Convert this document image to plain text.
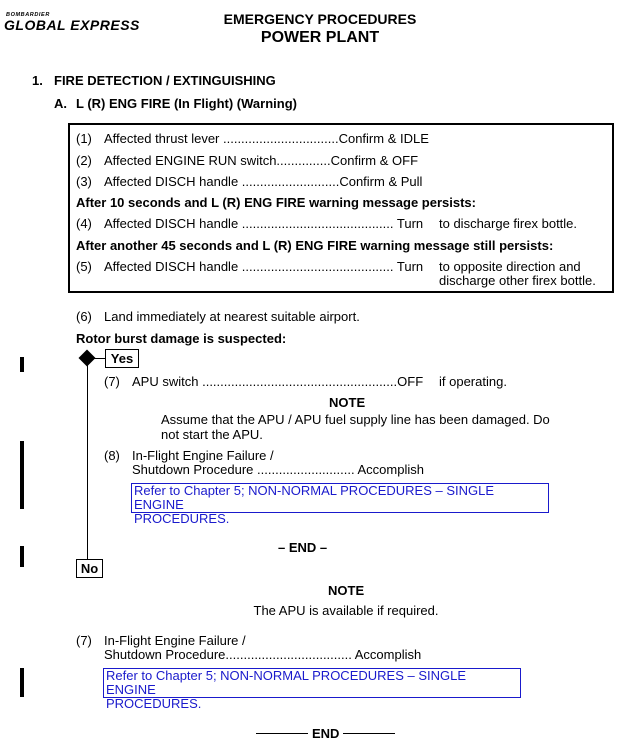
BOMBARDIER
GLOBAL EXPRESS	EMERGENCY PROCEDURES
POWER PLANT
1. FIRE DETECTION / EXTINGUISHING
A. L (R) ENG FIRE (In Flight) (Warning)
(1) Affected thrust lever ................................Confirm & IDLE
(2) Affected ENGINE RUN switch...............Confirm & OFF
(3) Affected DISCH handle ...........................Confirm & Pull
After 10 seconds and L (R) ENG FIRE warning message persists:
(4) Affected DISCH handle .......................................... Turn to discharge firex bottle.
After another 45 seconds and L (R) ENG FIRE warning message still persists:
(5) Affected DISCH handle .......................................... Turn to opposite direction and
discharge other firex bottle.
(6) Land immediately at nearest suitable airport.
Rotor burst damage is suspected:
Yes
No
(7) APU switch ......................................................OFF if operating.
NOTE
Assume that the APU / APU fuel supply line has been damaged. Do
not start the APU.
(8) In-Flight Engine Failure /
Shutdown Procedure ........................... Accomplish
Refer to Chapter 5; NON-NORMAL PROCEDURES – SINGLE ENGINE
PROCEDURES.
– END –
NOTE
The APU is available if required.
(7) In-Flight Engine Failure /
Shutdown Procedure................................... Accomplish
Refer to Chapter 5; NON-NORMAL PROCEDURES – SINGLE ENGINE
PROCEDURES.
END
